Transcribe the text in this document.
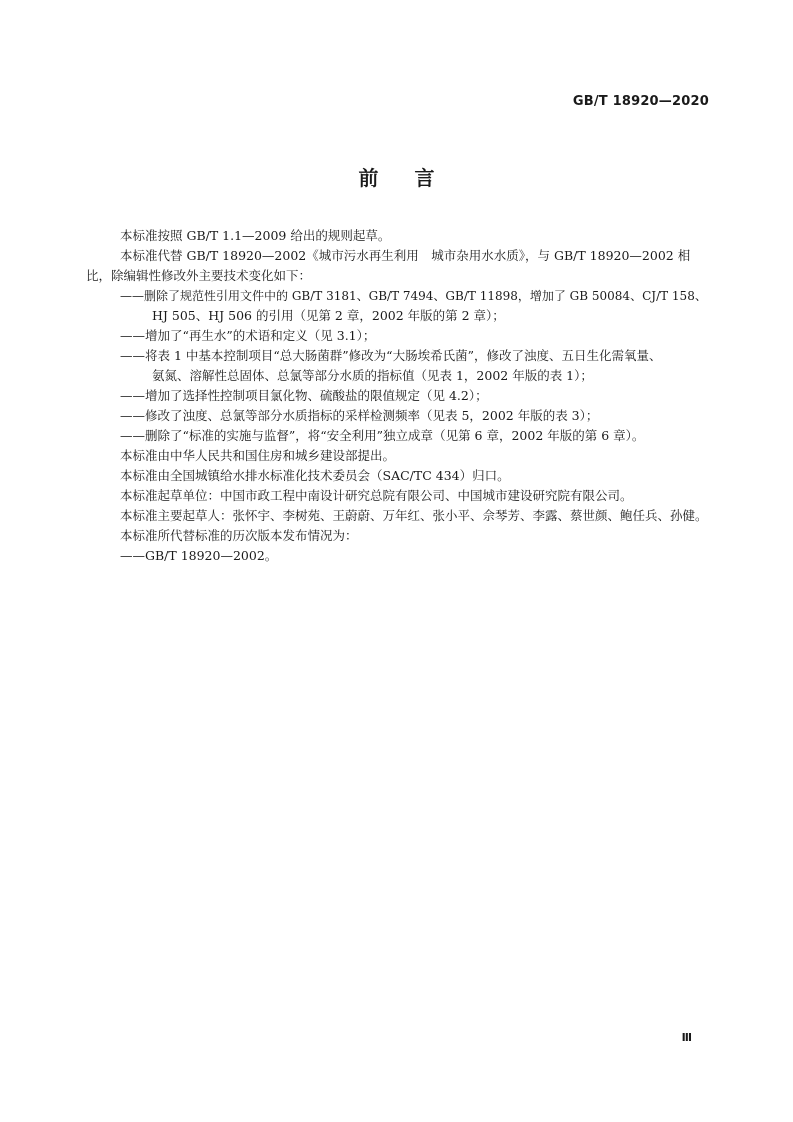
GB/T 18920—2020
前 言
本标准按照 GB/T 1.1—2009 给出的规则起草。
本标准代替 GB/T 18920—2002《城市污水再生利用　城市杂用水水质》，与 GB/T 18920—2002 相
比，除编辑性修改外主要技术变化如下：
——删除了规范性引用文件中的 GB/T 3181、GB/T 7494、GB/T 11898，增加了 GB 50084、CJ/T 158、
HJ 505、HJ 506 的引用（见第 2 章，2002 年版的第 2 章）；
——增加了“再生水”的术语和定义（见 3.1）；
——将表 1 中基本控制项目“总大肠菌群”修改为“大肠埃希氏菌”，修改了浊度、五日生化需氧量、
氨氮、溶解性总固体、总氯等部分水质的指标值（见表 1，2002 年版的表 1）；
——增加了选择性控制项目氯化物、硫酸盐的限值规定（见 4.2）；
——修改了浊度、总氯等部分水质指标的采样检测频率（见表 5，2002 年版的表 3）；
——删除了“标准的实施与监督”，将“安全利用”独立成章（见第 6 章，2002 年版的第 6 章）。
本标准由中华人民共和国住房和城乡建设部提出。
本标准由全国城镇给水排水标准化技术委员会（SAC/TC 434）归口。
本标准起草单位：中国市政工程中南设计研究总院有限公司、中国城市建设研究院有限公司。
本标准主要起草人：张怀宇、李树苑、王蔚蔚、万年红、张小平、佘琴芳、李露、蔡世颜、鲍任兵、孙健。
本标准所代替标准的历次版本发布情况为：
——GB/T 18920—2002。
Ⅲ
